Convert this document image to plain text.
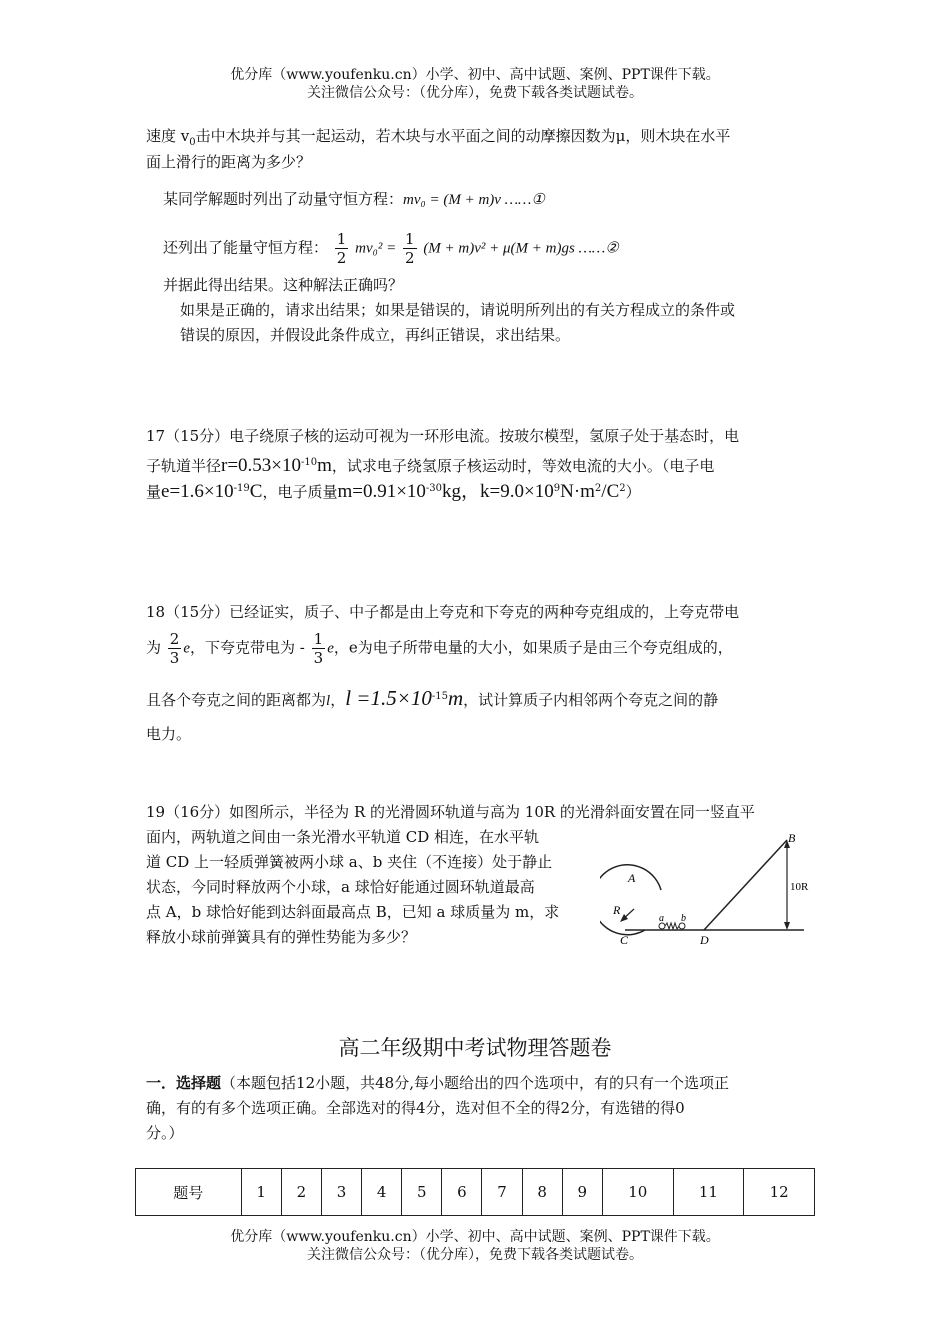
优分库（www.youfenku.cn）小学、初中、高中试题、案例、PPT课件下载。
关注微信公众号：（优分库），免费下载各类试题试卷。
速度 $v_0$击中木块并与其一起运动，若木块与水平面之间的动摩擦因数为μ，则木块在水平
面上滑行的距离为多少？
某同学解题时列出了动量守恒方程：mv₀ = (M + m)v ……①
还列出了能量守恒方程： $\frac{1}{2} mv_0^2 = \frac{1}{2} (M + m)v^2 + \mu(M + m)gs$ ……②
并据此得出结果。这种解法正确吗？
如果是正确的，请求出结果；如果是错误的，请说明所列出的有关方程成立的条件或
错误的原因，并假设此条件成立，再纠正错误，求出结果。
17（15分）电子绕原子核的运动可视为一环形电流。按玻尔模型，氢原子处于基态时，电
子轨道半径$r=0.53\times 10^{-10}m$，试求电子绕氢原子核运动时，等效电流的大小。（电子电
量$e=1.6\times 10^{-19}C$，电子质量$m=0.91\times 10^{-30}kg$，$k=9.0\times 10^9N\cdot m^2/C^2$）
18（15分）已经证实，质子、中子都是由上夸克和下夸克的两种夸克组成的，上夸克带电
为 $\frac{2}{3}$ e，下夸克带电为 - $\frac{1}{3}$ e，e为电子所带电量的大小，如果质子是由三个夸克组成的，
且各个夸克之间的距离都为l，$l =1.5\times 10^{-15}m$，试计算质子内相邻两个夸克之间的静
电力。
19（16分）如图所示，半径为 R 的光滑圆环轨道与高为 10R 的光滑斜面安置在同一竖直平
面内，两轨道之间由一条光滑水平轨道 CD 相连，在水平轨
道 CD 上一轻质弹簧被两小球 a、b 夹住（不连接）处于静止
状态，今同时释放两个小球，a 球恰好能通过圆环轨道最高
点 A，b 球恰好能到达斜面最高点 B，已知 a 球质量为 m，求
释放小球前弹簧具有的弹性势能为多少？
A
R
C	D
B
a b
10R
高二年级期中考试物理答题卷
一．选择题（本题包括12小题，共48分,每小题给出的四个选项中，有的只有一个选项正
确，有的有多个选项正确。全部选对的得4分，选对但不全的得2分，有选错的得0
分。）
题号	1	2	3	4	5	6	7	8	9	10	11	12
优分库（www.youfenku.cn）小学、初中、高中试题、案例、PPT课件下载。
关注微信公众号：（优分库），免费下载各类试题试卷。
